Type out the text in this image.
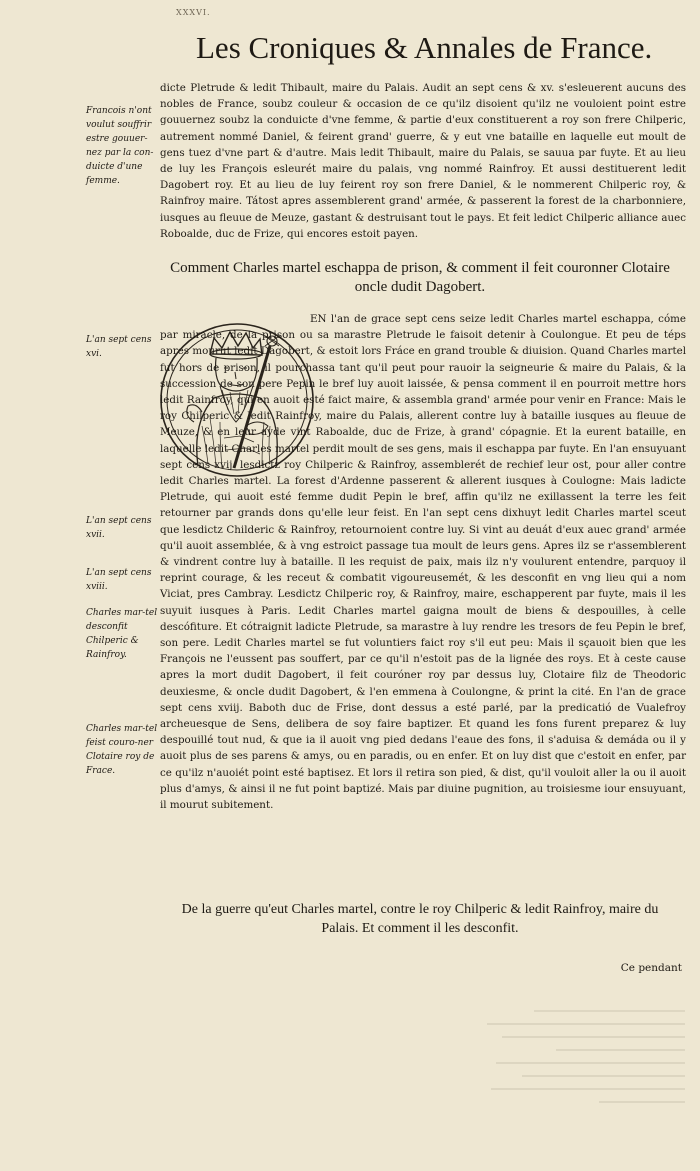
XXXVI.
Les Croniques & Annales de France.
Francois n'ont voulut souffrir estre gouuer-nez par la con-duicte d'une femme.
L'an sept cens xvi.
L'an sept cens xvii.
L'an sept cens xviii.
Charles mar-tel desconfit Chilperic & Rainfroy.
Charles mar-tel feist couro-ner Clotaire roy de Frace.

dicte Pletrude & ledit Thibault, maire du Palais. Audit an sept cens & xv. s'esleuerent aucuns des nobles de France, soubz couleur & occasion de ce qu'ilz disoient qu'ilz ne vouloient point estre gouuernez soubz la conduicte d'vne femme, & partie d'eux constituerent a roy son frere Chilperic, autrement nommé Daniel, & feirent grand' guerre, & y eut vne bataille en laquelle eut moult de gens tuez d'vne part & d'autre. Mais ledit Thibault, maire du Palais, se sauua par fuyte. Et au lieu de luy les François esleurét maire du palais, vng nommé Rainfroy. Et aussi destituerent ledit Dagobert roy. Et au lieu de luy feirent roy son frere Daniel, & le nommerent Chilperic roy, & Rainfroy maire. Tátost apres assemblerent grand' armée, & passerent la forest de la charbonniere, iusques au fleuue de Meuze, gastant & destruisant tout le pays. Et feit ledict Chilperic alliance auec Roboalde, duc de Frize, qui encores estoit payen.

Comment Charles martel eschappa de prison, & comment il feit couronner Clotaire oncle dudit Dagobert.

EN l'an de grace sept cens seize ledit Charles martel eschappa, cóme par miracle, de la prison ou sa marastre Pletrude le faisoit detenir à Coulongue. Et peu de téps apres mourut ledit Dagobert, & estoit lors Fráce en grand trouble & diuision. Quand Charles martel fut hors de prison, il pourchassa tant qu'il peut pour rauoir la seigneurie & maire du Palais, & la succession de son pere Pepin le bref luy auoit laissée, & pensa comment il en pourroit mettre hors ledit Rainfroy, qui en auoit esté faict maire, & assembla grand' armée pour venir en France: Mais le roy Chilperic & ledit Rainfroy, maire du Palais, allerent contre luy à bataille iusques au fleuue de Meuze, & en leur ayde vint Raboalde, duc de Frize, à grand' cópagnie. Et la eurent bataille, en laquelle ledit Charles martel perdit moult de ses gens, mais il eschappa par fuyte. En l'an ensuyuant sept cens xvij. lesdictz roy Chilperic & Rainfroy, assemblerét de rechief leur ost, pour aller contre ledit Charles martel. La forest d'Ardenne passerent & allerent iusques à Coulogne: Mais ladicte Pletrude, qui auoit esté femme dudit Pepin le bref, affin qu'ilz ne exillassent la terre les feit retourner par grands dons qu'elle leur feist. En l'an sept cens dixhuyt ledit Charles martel sceut que lesdictz Childeric & Rainfroy, retournoient contre luy. Si vint au deuát d'eux auec grand' armée qu'il auoit assemblée, & à vng estroict passage tua moult de leurs gens. Apres ilz se r'assemblerent & vindrent contre luy à bataille. Il les requist de paix, mais ilz n'y voulurent entendre, parquoy il reprint courage, & les receut & combatit vigoureusemét, & les desconfit en vng lieu qui a nom Viciat, pres Cambray. Lesdictz Chilperic roy, & Rainfroy, maire, eschapperent par fuyte, mais il les suyuit iusques à Paris. Ledit Charles martel gaigna moult de biens & despouilles, à celle descófiture. Et cótraignit ladicte Pletrude, sa marastre à luy rendre les tresors de feu Pepin le bref, son pere. Ledit Charles martel se fut voluntiers faict roy s'il eut peu: Mais il sçauoit bien que les François ne l'eussent pas souffert, par ce qu'il n'estoit pas de la lignée des roys. Et à ceste cause apres la mort dudit Dagobert, il feit couróner roy par dessus luy, Clotaire filz de Theodoric deuxiesme, & oncle dudit Dagobert, & l'en emmena à Coulongne, & print la cité. En l'an de grace sept cens xviij. Baboth duc de Frise, dont dessus a esté parlé, par la predicatió de Vualefroy archeuesque de Sens, delibera de soy faire baptizer. Et quand les fons furent preparez & luy despouillé tout nud, & que ia il auoit vng pied dedans l'eaue des fons, il s'aduisa & demáda ou il y auoit plus de ses parens & amys, ou en paradis, ou en enfer. Et on luy dist que c'estoit en enfer, par ce qu'ilz n'auoiét point esté baptisez. Et lors il retira son pied, & dist, qu'il vouloit aller la ou il auoit plus d'amys, & ainsi il ne fut point baptizé. Mais par diuine pugnition, au troisiesme iour ensuyuant, il mourut subitement.

De la guerre qu'eut Charles martel, contre le roy Chilperic & ledit Rainfroy, maire du Palais. Et comment il les desconfit.
Ce pendant
